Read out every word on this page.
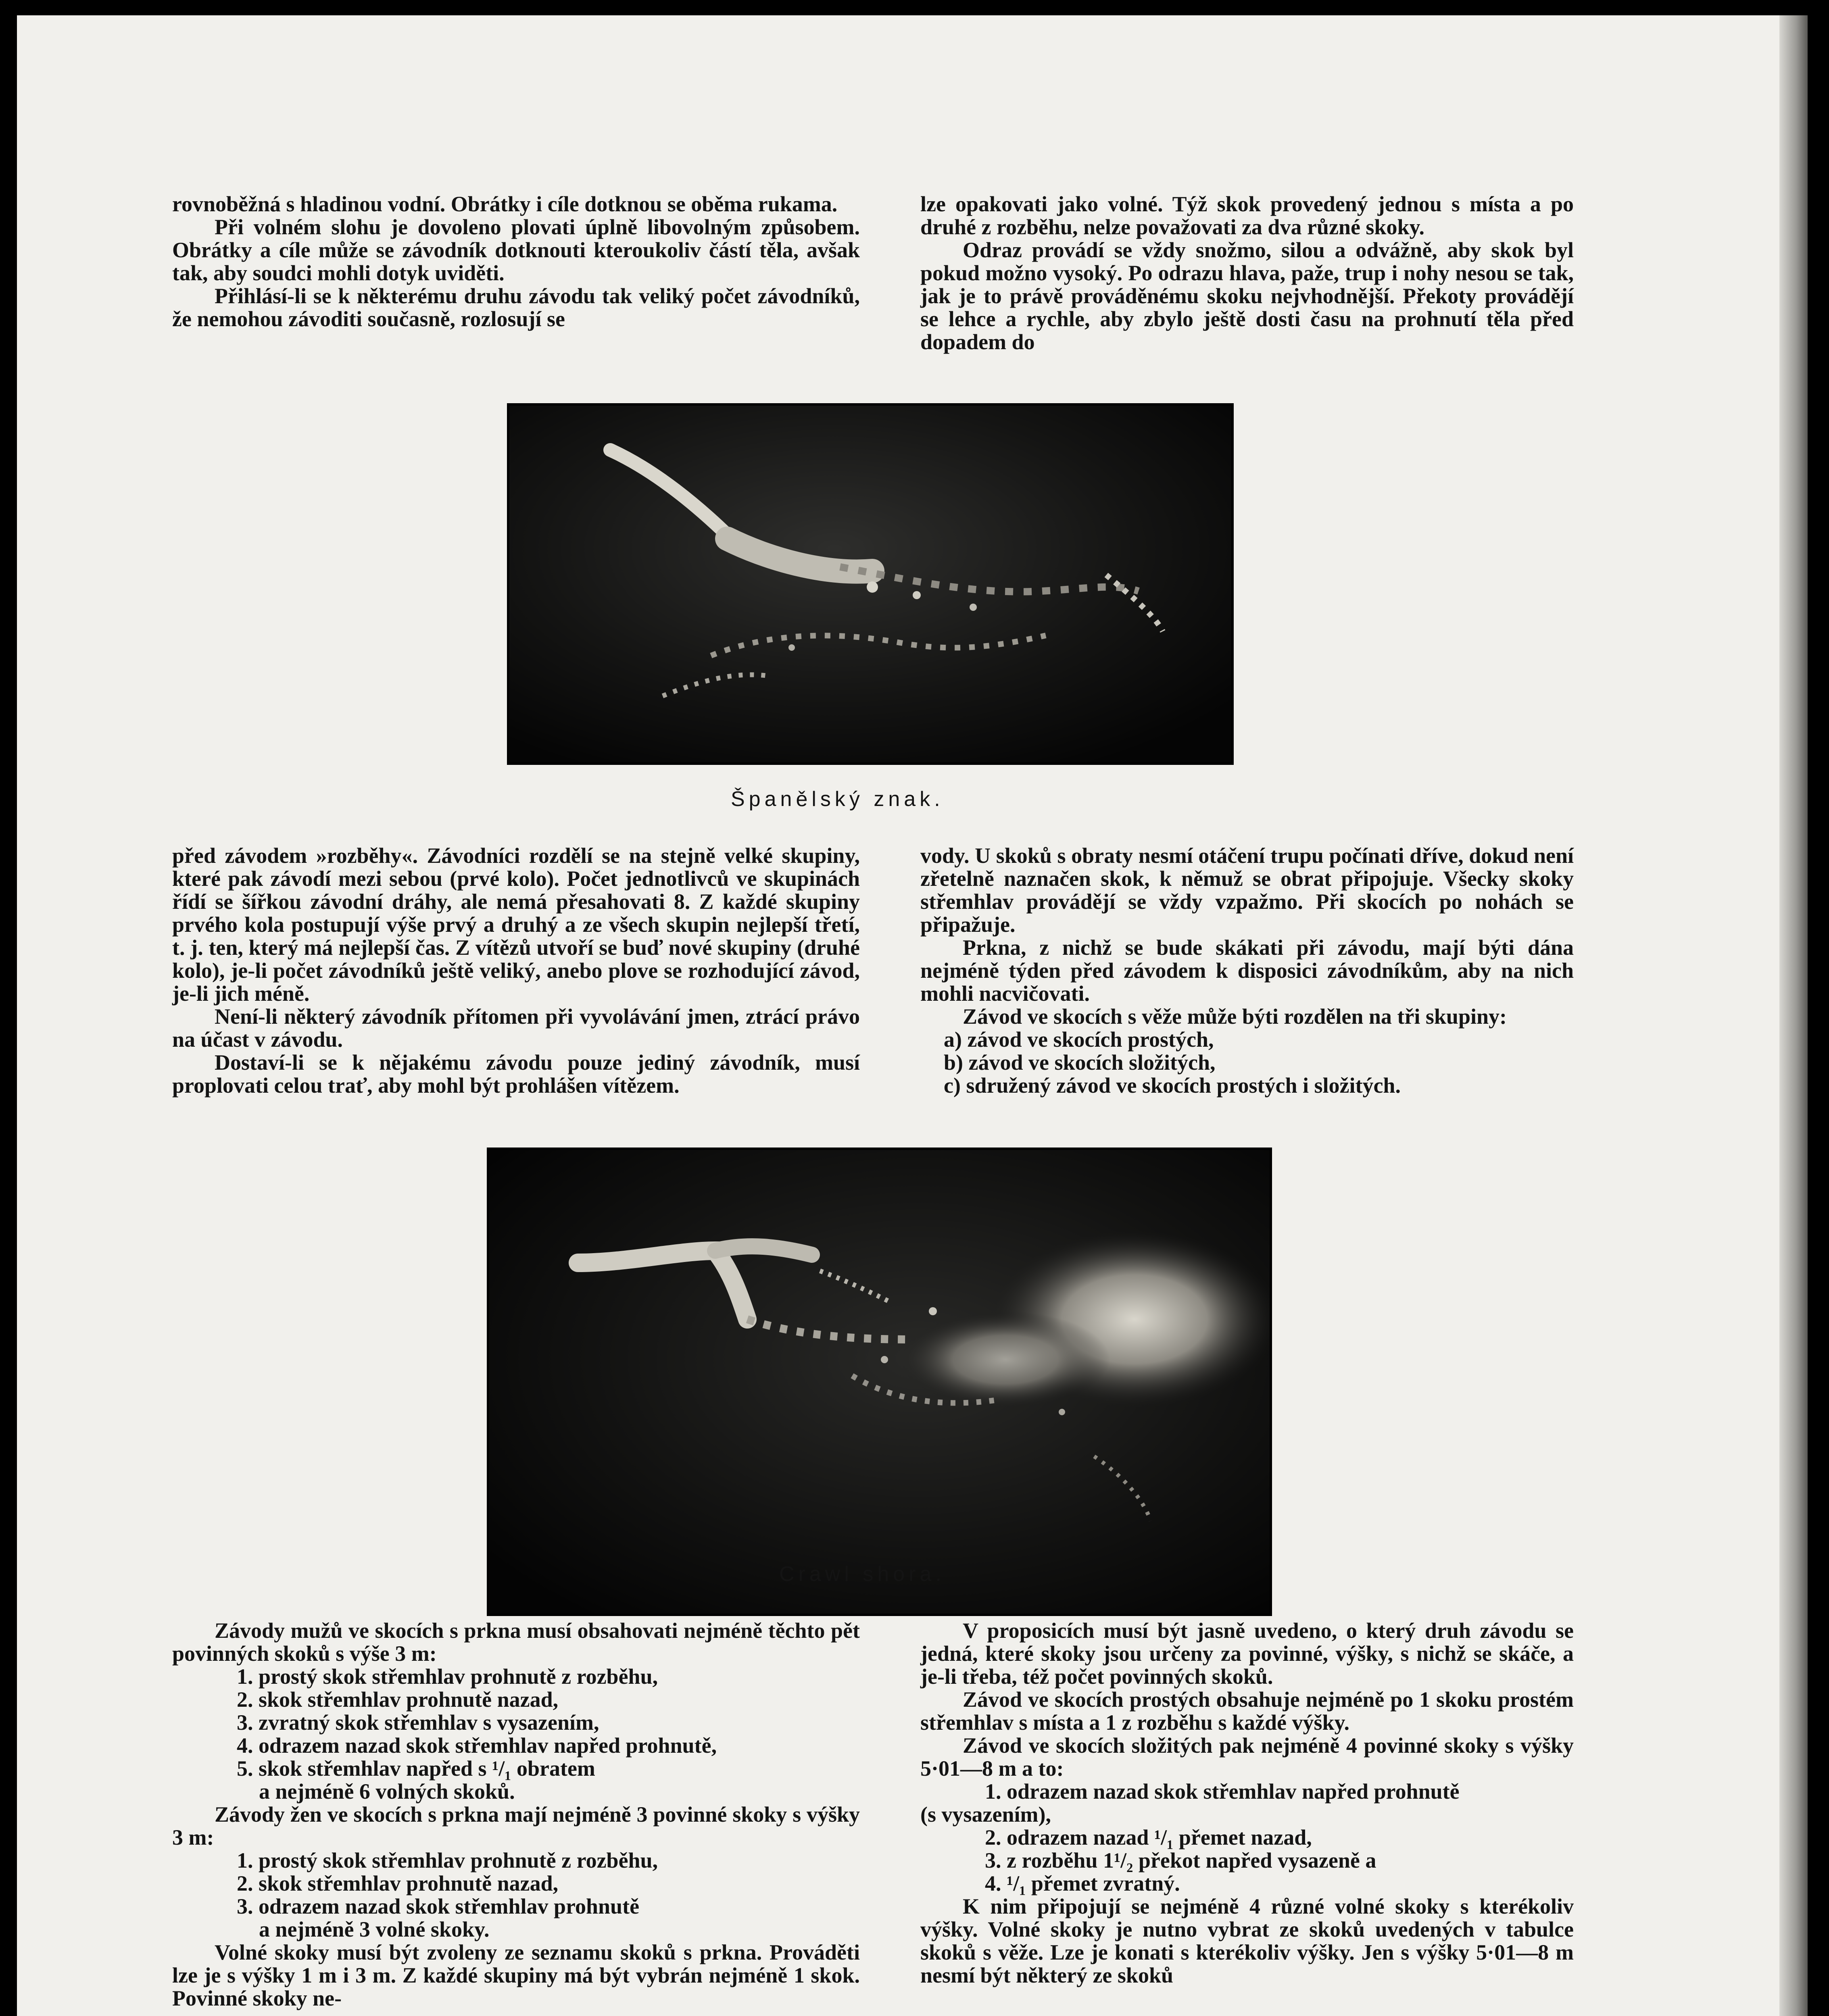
rovnoběžná s hladinou vodní. Obrátky i cíle dotknou se oběma rukama.

Při volném slohu je dovoleno plovati úplně libovolným způsobem. Obrátky a cíle může se závodník dotknouti kteroukoliv částí těla, avšak tak, aby soudci mohli dotyk uviděti.

Přihlásí-li se k některému druhu závodu tak veliký počet závodníků, že nemohou závoditi současně, rozlosují se

lze opakovati jako volné. Týž skok provedený jednou s místa a po druhé z rozběhu, nelze považovati za dva různé skoky.

Odraz provádí se vždy snožmo, silou a odvážně, aby skok byl pokud možno vysoký. Po odrazu hlava, paže, trup i nohy nesou se tak, jak je to právě prováděnému skoku nejvhodnější. Překoty provádějí se lehce a rychle, aby zbylo ještě dosti času na prohnutí těla před dopadem do

Španělský znak.

před závodem »rozběhy«. Závodníci rozdělí se na stejně velké skupiny, které pak závodí mezi sebou (prvé kolo). Počet jednotlivců ve skupinách řídí se šířkou závodní dráhy, ale nemá přesahovati 8. Z každé skupiny prvého kola postupují výše prvý a druhý a ze všech skupin nejlepší třetí, t. j. ten, který má nejlepší čas. Z vítězů utvoří se buď nové skupiny (druhé kolo), je-li počet závodníků ještě veliký, anebo plove se rozhodující závod, je-li jich méně.

Není-li některý závodník přítomen při vyvolávání jmen, ztrácí právo na účast v závodu.

Dostaví-li se k nějakému závodu pouze jediný závodník, musí proplovati celou trať, aby mohl být prohlášen vítězem.

vody. U skoků s obraty nesmí otáčení trupu počínati dříve, dokud není zřetelně naznačen skok, k němuž se obrat připojuje. Všecky skoky střemhlav provádějí se vždy vzpažmo. Při skocích po nohách se připažuje.

Prkna, z nichž se bude skákati při závodu, mají býti dána nejméně týden před závodem k disposici závodníkům, aby na nich mohli nacvičovati.

Závod ve skocích s věže může býti rozdělen na tři skupiny:

a) závod ve skocích prostých,

b) závod ve skocích složitých,

c) sdružený závod ve skocích prostých i složitých.

Crawl shora.

Závody mužů ve skocích s prkna musí obsahovati nejméně těchto pět povinných skoků s výše 3 m:

1. prostý skok střemhlav prohnutě z rozběhu,

2. skok střemhlav prohnutě nazad,

3. zvratný skok střemhlav s vysazením,

4. odrazem nazad skok střemhlav napřed prohnutě,

5. skok střemhlav napřed s ¹/₁ obratem

a nejméně 6 volných skoků.

Závody žen ve skocích s prkna mají nejméně 3 povinné skoky s výšky 3 m:

1. prostý skok střemhlav prohnutě z rozběhu,

2. skok střemhlav prohnutě nazad,

3. odrazem nazad skok střemhlav prohnutě

a nejméně 3 volné skoky.

Volné skoky musí být zvoleny ze seznamu skoků s prkna. Prováděti lze je s výšky 1 m i 3 m. Z každé skupiny má být vybrán nejméně 1 skok. Povinné skoky ne-

V proposicích musí být jasně uvedeno, o který druh závodu se jedná, které skoky jsou určeny za povinné, výšky, s nichž se skáče, a je-li třeba, též počet povinných skoků.

Závod ve skocích prostých obsahuje nejméně po 1 skoku prostém střemhlav s místa a 1 z rozběhu s každé výšky.

Závod ve skocích složitých pak nejméně 4 povinné skoky s výšky 5·01—8 m a to:

1. odrazem nazad skok střemhlav napřed prohnutě

(s vysazením),

2. odrazem nazad ¹/₁ přemet nazad,

3. z rozběhu 1¹/₂ překot napřed vysazeně a

4. ¹/₁ přemet zvratný.

K nim připojují se nejméně 4 různé volné skoky s kterékoliv výšky. Volné skoky je nutno vybrat ze skoků uvedených v tabulce skoků s věže. Lze je konati s kterékoliv výšky. Jen s výšky 5·01—8 m nesmí být některý ze skoků
